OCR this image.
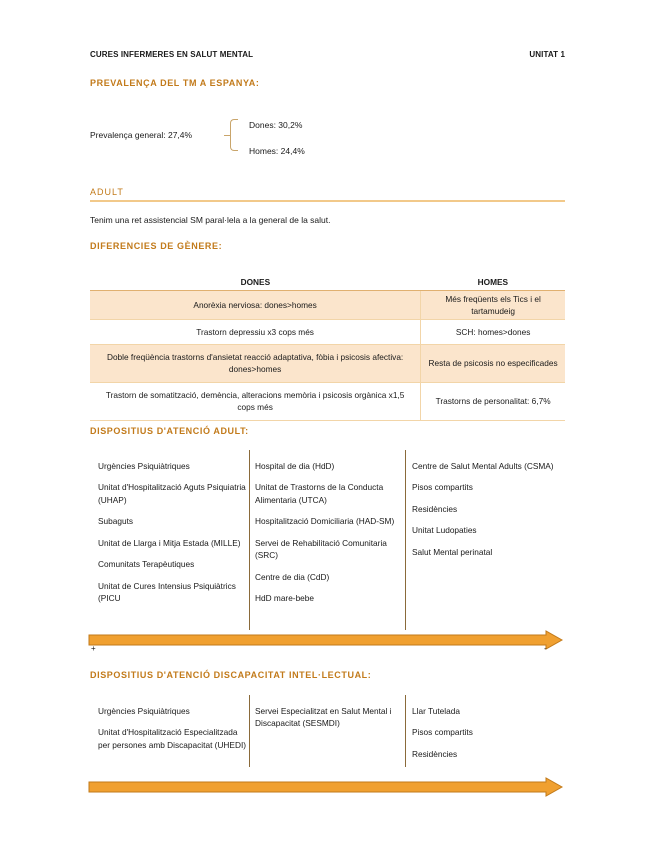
CURES INFERMERES EN SALUT MENTAL	UNITAT 1
PREVALENÇA DEL TM A ESPANYA:
Prevalença general: 27,4%
Dones: 30,2%
Homes: 24,4%
ADULT
Tenim una ret assistencial SM paral·lela a la general de la salut.
DIFERENCIES DE GÈNERE:
DONES	HOMES
Anorèxia nerviosa: dones>homes	Més freqüents els Tics i el tartamudeig
Trastorn depressiu x3 cops més	SCH: homes>dones
Doble freqüència trastorns d'ansietat reacció adaptativa, fòbia i psicosis afectiva: dones>homes	Resta de psicosis no especificades
Trastorn de somatització, demència, alteracions memòria i psicosis orgànica x1,5 cops més	Trastorns de personalitat: 6,7%
DISPOSITIUS D'ATENCIÓ ADULT:
Urgències Psiquiàtriques
Unitat d'Hospitalització Aguts Psiquiatria (UHAP)
Subaguts
Unitat de Llarga i Mitja Estada (MILLE)
Comunitats Terapèutiques
Unitat de Cures Intensius Psiquiàtrics (PICU
Hospital de dia (HdD)
Unitat de Trastorns de la Conducta Alimentaria (UTCA)
Hospitalització Domiciliaria (HAD-SM)
Servei de Rehabilitació Comunitaria (SRC)
Centre de dia (CdD)
HdD mare-bebe
Centre de Salut Mental Adults (CSMA)
Pisos compartits
Residències
Unitat Ludopaties
Salut Mental perinatal
+	-
DISPOSITIUS D'ATENCIÓ DISCAPACITAT INTEL·LECTUAL:
Urgències Psiquiàtriques
Unitat d'Hospitalització Especialitzada per persones amb Discapacitat (UHEDI)
Servei Especialitzat en Salut Mental i Discapacitat (SESMDI)
Llar Tutelada
Pisos compartits
Residències
